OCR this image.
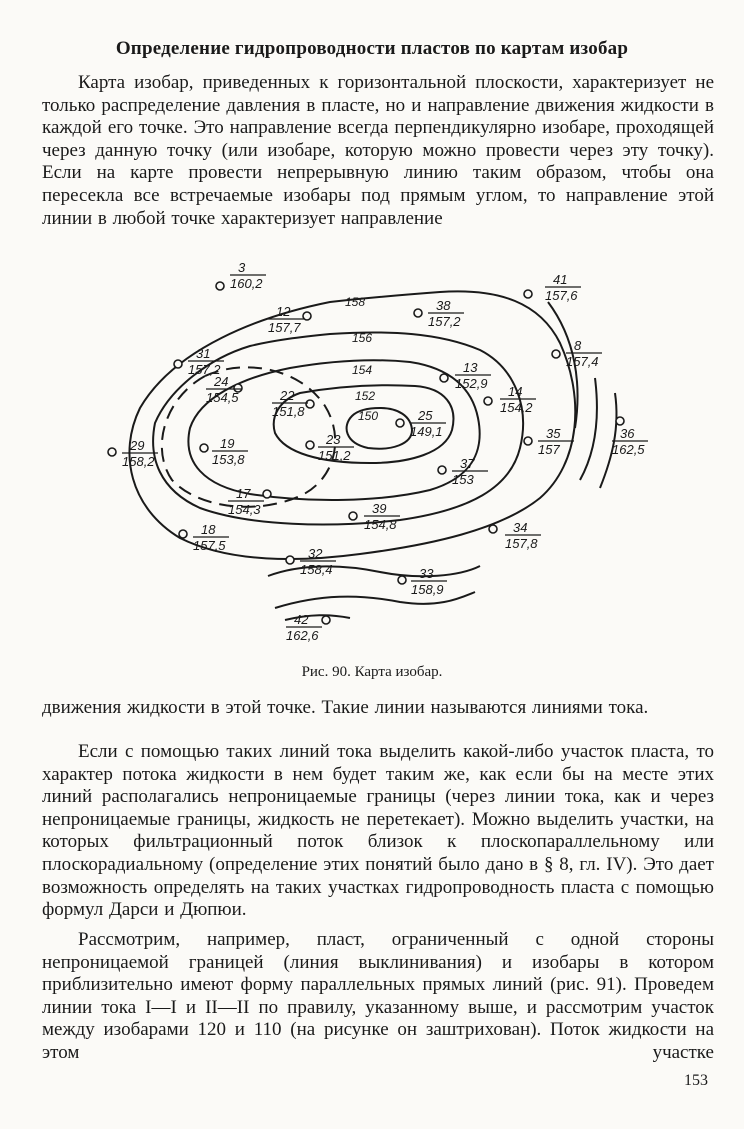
Определение гидропроводности пластов по картам изобар

Карта изобар, приведенных к горизонтальной плоскости, характеризует не только распределение давления в пласте, но и направление движения жидкости в каждой его точке. Это направление всегда перпендикулярно изобаре, проходящей через данную точку (или изобаре, которую можно провести через эту точку). Если на карте провести непрерывную линию таким образом, чтобы она пересекла все встречаемые изобары под прямым углом, то направление этой линии в любой точке характеризует направление

3
160,2	41
157,6
12
157,7
38
157,2
31
157,2
8
157,4
24
154,5
13
152,9
22
151,8
14
154,2
25
149,1	36
162,5
29
158,2
19
153,8
23
151,2
35
157
37
153
17
154,3	39
154,8
18
157,5
34
157,8
32
158,4	33
158,9
42
162,6
158
156
154
152
150
Рис. 90. Карта изобар.

движения жидкости в этой точке. Такие линии называются линиями тока.

Если с помощью таких линий тока выделить какой-либо участок пласта, то характер потока жидкости в нем будет таким же, как если бы на месте этих линий располагались непроницаемые границы (через линии тока, как и через непроницаемые границы, жидкость не перетекает). Можно выделить участки, на которых фильтрационный поток близок к плоскопараллельному или плоскорадиальному (определение этих понятий было дано в § 8, гл. IV). Это дает возможность определять на таких участках гидропроводность пласта с помощью формул Дарси и Дюпюи.

Рассмотрим, например, пласт, ограниченный с одной стороны непроницаемой границей (линия выклинивания) и изобары в котором приблизительно имеют форму параллельных прямых линий (рис. 91). Проведем линии тока I—I и II—II по правилу, указанному выше, и рассмотрим участок между изобарами 120 и 110 (на рисунке он заштрихован). Поток жидкости на этом участке

153
